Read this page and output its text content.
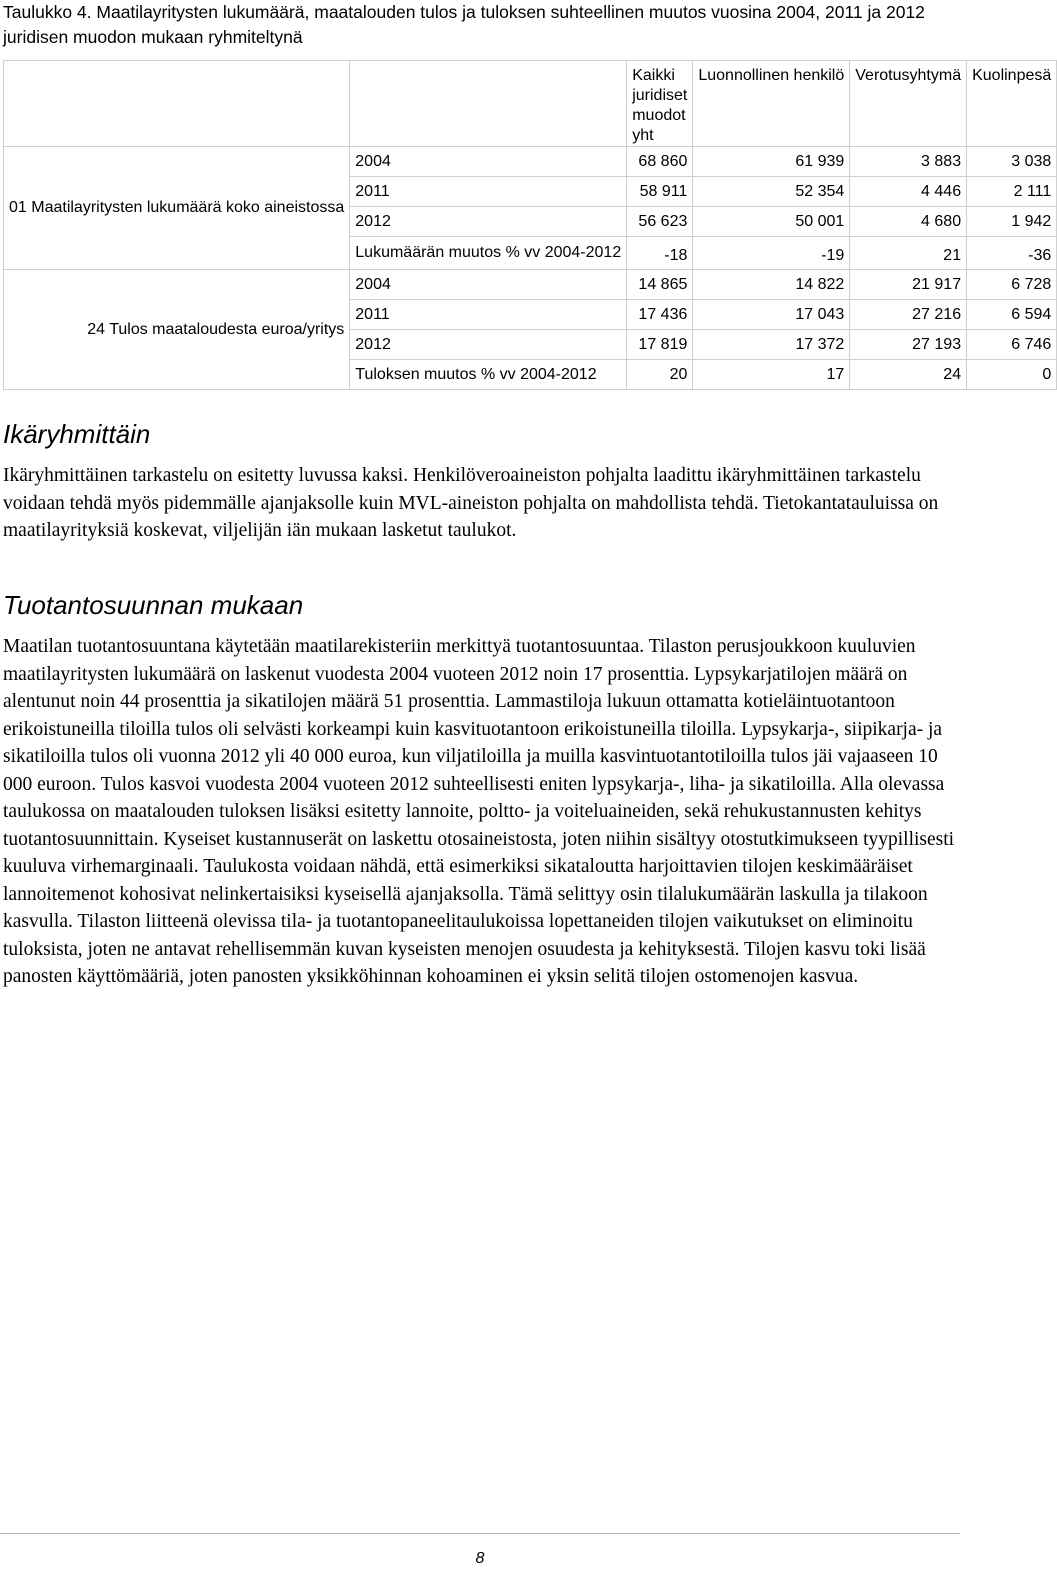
Taulukko 4. Maatilayritysten lukumäärä, maatalouden tulos ja tuloksen suhteellinen muutos vuosina 2004, 2011 ja 2012 juridisen muodon mukaan ryhmiteltynä
		Kaikki juridiset muodot yht	Luonnollinen henkilö	Verotusyhtymä	Kuolinpesä
01 Maatilayritysten lukumäärä koko aineistossa	2004	68 860	61 939	3 883	3 038
	2011	58 911	52 354	4 446	2 111
	2012	56 623	50 001	4 680	1 942
	Lukumäärän muutos % vv 2004-2012	-18	-19	21	-36
24 Tulos maataloudesta euroa/yritys	2004	14 865	14 822	21 917	6 728
	2011	17 436	17 043	27 216	6 594
	2012	17 819	17 372	27 193	6 746
	Tuloksen muutos % vv 2004-2012	20	17	24	0
Ikäryhmittäin

Ikäryhmittäinen tarkastelu on esitetty luvussa kaksi. Henkilöveroaineiston pohjalta laadittu ikäryhmittäinen tarkastelu voidaan tehdä myös pidemmälle ajanjaksolle kuin MVL-aineiston pohjalta on mahdollista tehdä. Tietokantatauluissa on maatilayrityksiä koskevat, viljelijän iän mukaan lasketut taulukot.

Tuotantosuunnan mukaan

Maatilan tuotantosuuntana käytetään maatilarekisteriin merkittyä tuotantosuuntaa. Tilaston perusjoukkoon kuuluvien maatilayritysten lukumäärä on laskenut vuodesta 2004 vuoteen 2012 noin 17 prosenttia. Lypsykarjatilojen määrä on alentunut noin 44 prosenttia ja sikatilojen määrä 51 prosenttia. Lammastiloja lukuun ottamatta kotieläintuotantoon erikoistuneilla tiloilla tulos oli selvästi korkeampi kuin kasvituotantoon erikoistuneilla tiloilla. Lypsykarja-, siipikarja- ja sikatiloilla tulos oli vuonna 2012 yli 40 000 euroa, kun viljatiloilla ja muilla kasvintuotantotiloilla tulos jäi vajaaseen 10 000 euroon. Tulos kasvoi vuodesta 2004 vuoteen 2012 suhteellisesti eniten lypsykarja-, liha- ja sikatiloilla. Alla olevassa taulukossa on maatalouden tuloksen lisäksi esitetty lannoite, poltto- ja voiteluaineiden, sekä rehukustannusten kehitys tuotantosuunnittain. Kyseiset kustannuserät on laskettu otosaineistosta, joten niihin sisältyy otostutkimukseen tyypillisesti kuuluva virhemarginaali. Taulukosta voidaan nähdä, että esimerkiksi sikataloutta harjoittavien tilojen keskimääräiset lannoitemenot kohosivat nelinkertaisiksi kyseisellä ajanjaksolla. Tämä selittyy osin tilalukumäärän laskulla ja tilakoon kasvulla. Tilaston liitteenä olevissa tila- ja tuotantopaneelitaulukoissa lopettaneiden tilojen vaikutukset on eliminoitu tuloksista, joten ne antavat rehellisemmän kuvan kyseisten menojen osuudesta ja kehityksestä. Tilojen kasvu toki lisää panosten käyttömääriä, joten panosten yksikköhinnan kohoaminen ei yksin selitä tilojen ostomenojen kasvua.

8
